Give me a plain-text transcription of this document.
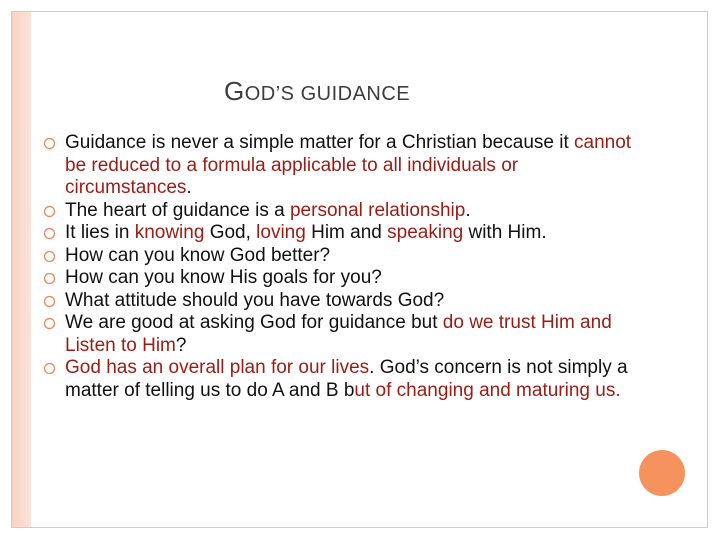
GOD’S GUIDANCE
Guidance is never a simple matter for a Christian because it cannot be reduced to a formula applicable to all individuals or circumstances.
The heart of guidance is a personal relationship.
It lies in knowing God, loving Him and speaking with Him.
How can you know God better?
How can you know His goals for you?
What attitude should you have towards God?
We are good at asking God for guidance but do we trust Him and Listen to Him?
God has an overall plan for our lives. God’s concern is not simply a matter of telling us to do A and B but of changing and maturing us.
